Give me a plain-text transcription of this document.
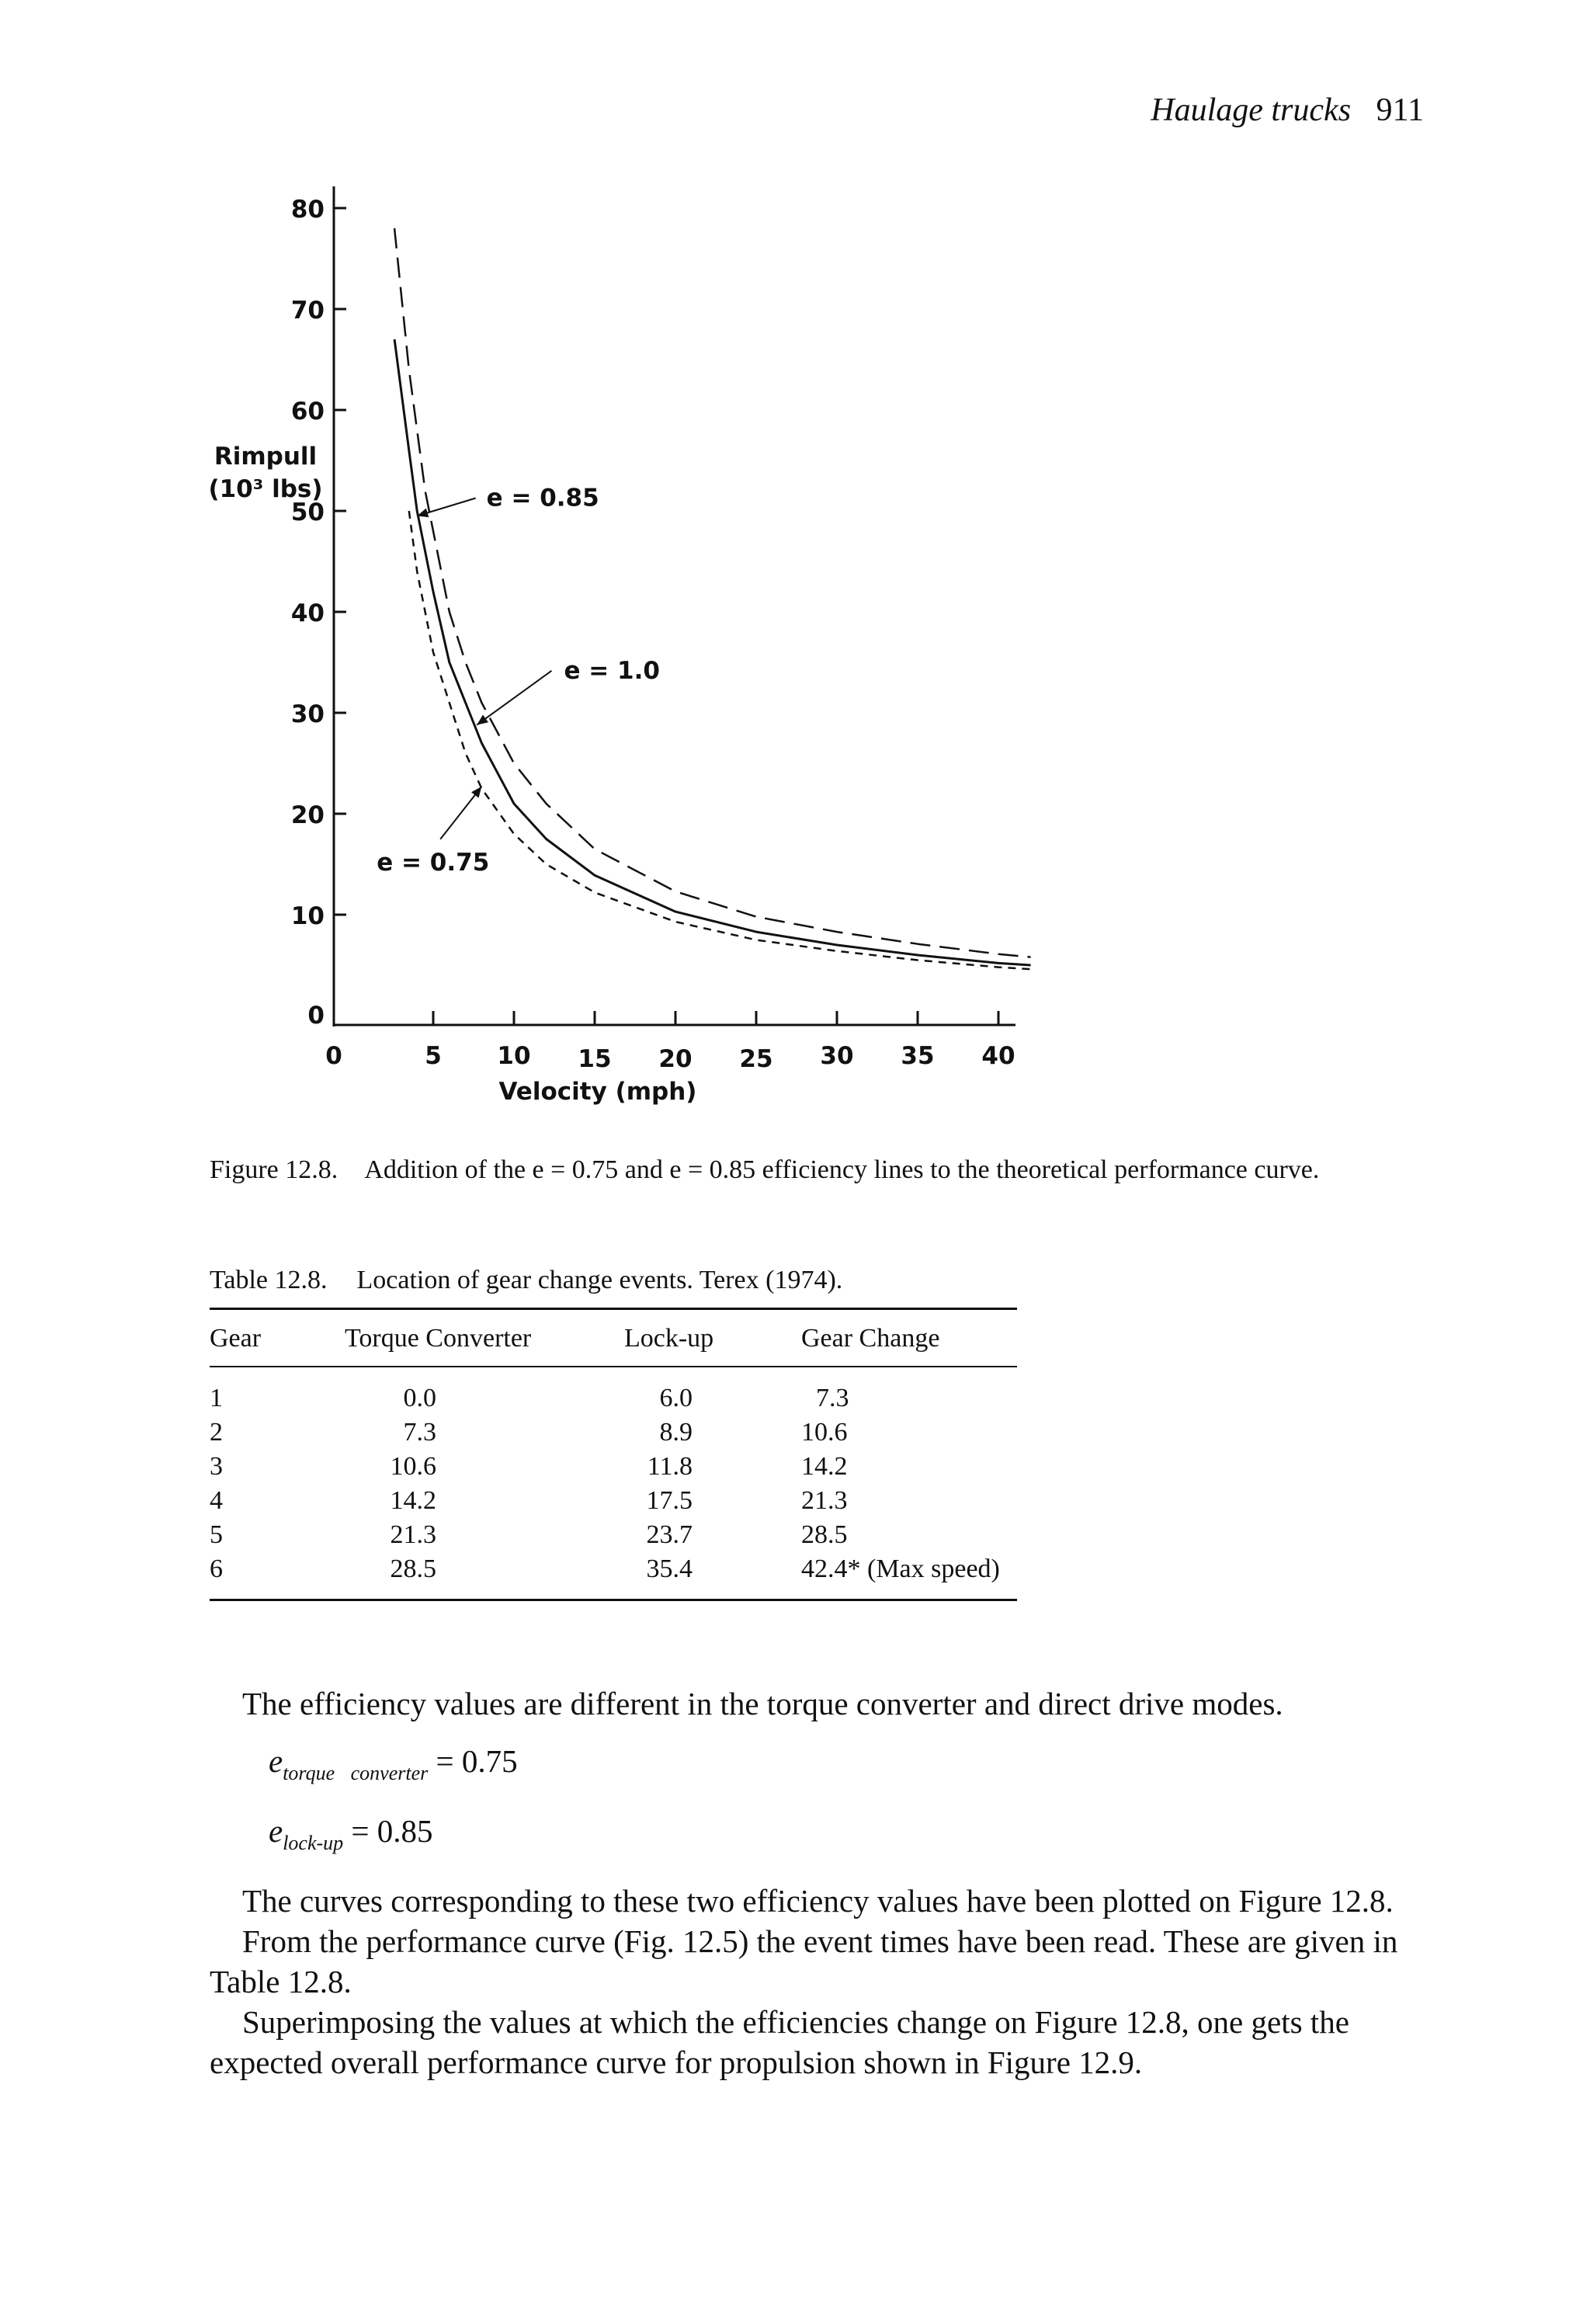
Haulage trucks 911
0
10
20
30
40
50
60
70
80
0	5 10 15 20 25 30 35 40
Velocity (mph)
Rimpull
(10³ lbs)	e = 0.85
e = 1.0
e = 0.75
Figure 12.8. Addition of the e = 0.75 and e = 0.85 efficiency lines to the theoretical performance curve.
Table 12.8. Location of gear change events. Terex (1974).
Gear	Torque Converter	Lock-up	Gear Change
1	0.0	6.0	7.3
2	7.3	8.9	10.6
3	10.6	11.8	14.2
4	14.2	17.5	21.3
5	21.3	23.7	28.5
6	28.5	35.4	42.4* (Max speed)

The efficiency values are different in the torque converter and direct drive modes.

$e_{torque converter} = 0.75$
$e_{lock-up} = 0.85$

The curves corresponding to these two efficiency values have been plotted on Figure 12.8.

From the performance curve (Fig. 12.5) the event times have been read. These are given in Table 12.8.

Superimposing the values at which the efficiencies change on Figure 12.8, one gets the expected overall performance curve for propulsion shown in Figure 12.9.
